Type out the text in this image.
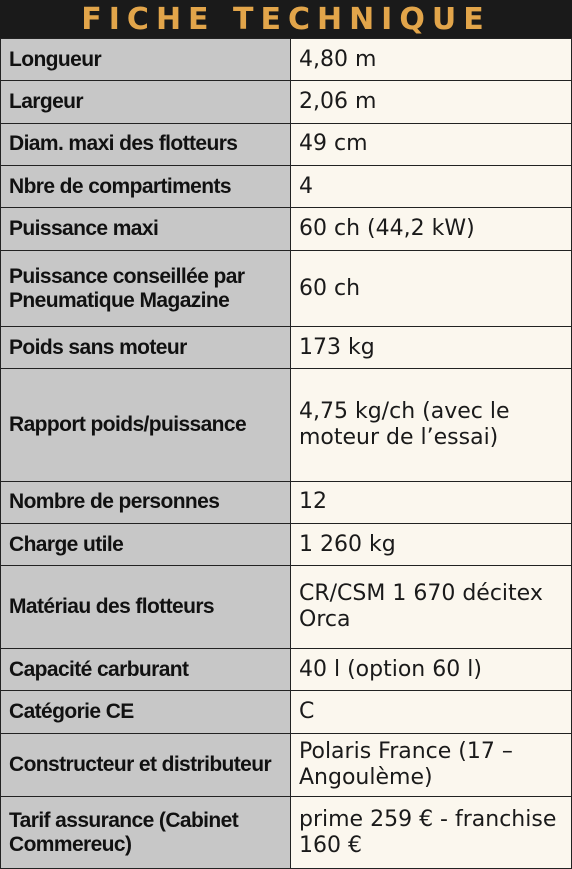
FICHE TECHNIQUE
Longueur	4,80 m

Largeur	2,06 m

Diam. maxi des flotteurs	49 cm

Nbre de compartiments	4

Puissance maxi	60 ch (44,2 kW)

Puissance conseillée par Pneumatique Magazine	60 ch

Poids sans moteur	173 kg

Rapport poids/puissance	4,75 kg/ch (avec le moteur de l’essai)

Nombre de personnes	12

Charge utile	1 260 kg

Matériau des flotteurs	CR/CSM 1 670 décitex Orca

Capacité carburant	40 l (option 60 l)

Catégorie CE	C

Constructeur et distributeur	Polaris France (17 – Angoulème)

Tarif assurance (Cabinet Commereuc)	prime 259 € - franchise 160 €
